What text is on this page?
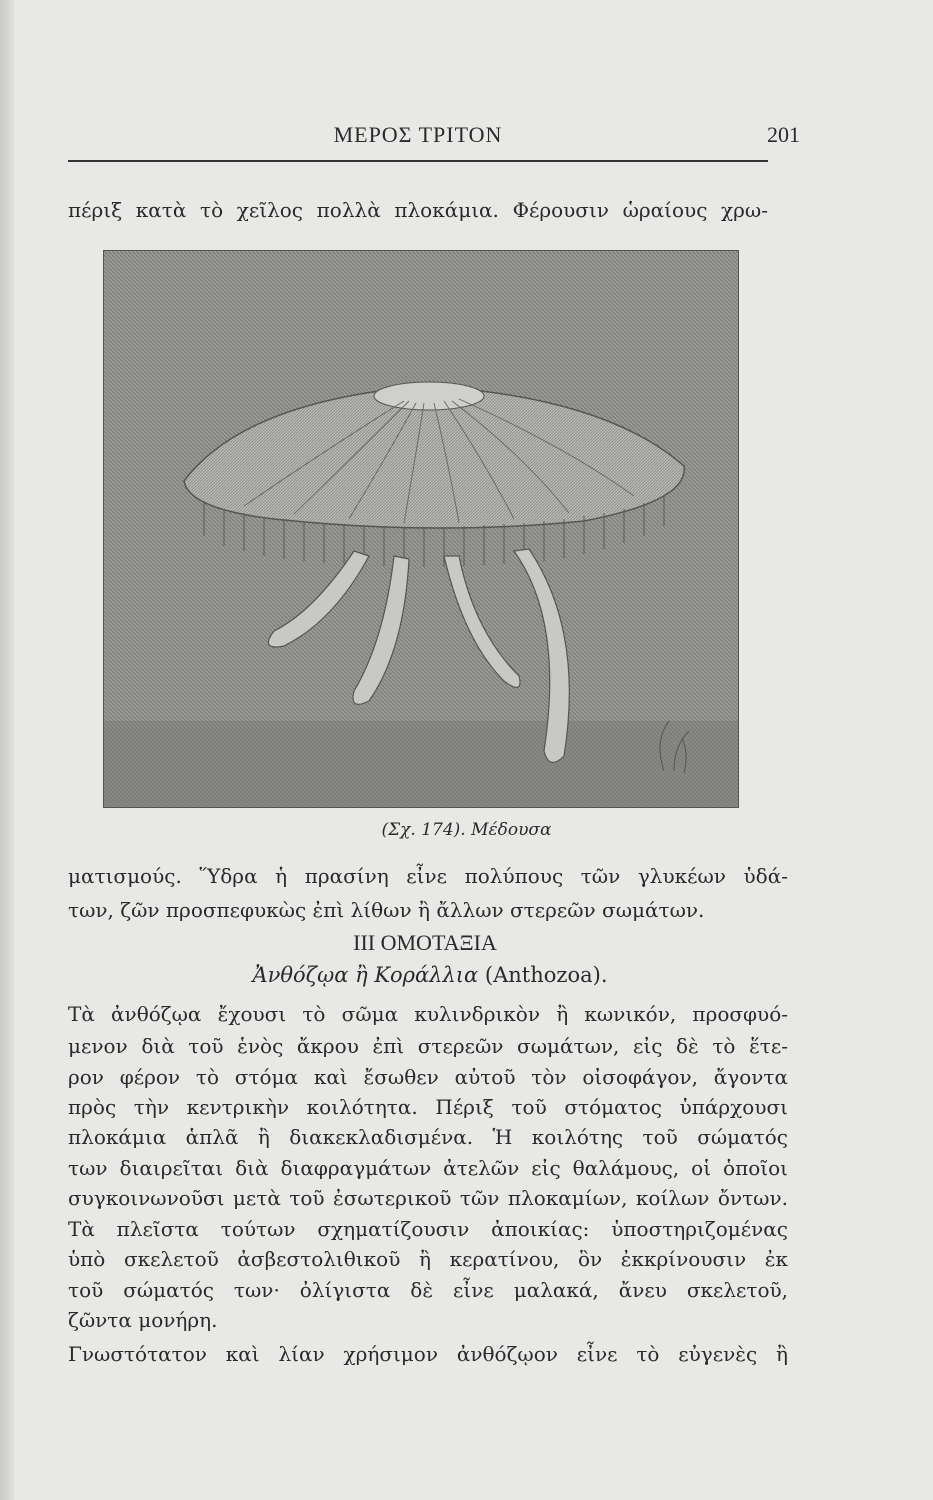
ΜΕΡΟΣ ΤΡΙΤΟΝ	201
πέριξ κατὰ τὸ χεῖλος πολλὰ πλοκάμια. Φέρουσιν ὡραίους χρω-
(Σχ. 174). Μέδουσα
ματισμούς. Ὕδρα ἡ πρασίνη εἶνε πολύπους τῶν γλυκέων ὑδά-
των, ζῶν προσπεφυκὼς ἐπὶ λίθων ἢ ἄλλων στερεῶν σωμάτων.
III ΟΜΟΤΑΞΙΑ
Ἀνθόζῳα ἢ Κοράλλια (Anthozoa).
Τὰ ἀνθόζῳα ἔχουσι τὸ σῶμα κυλινδρικὸν ἢ κωνικόν, προσφυό-
μενον διὰ τοῦ ἑνὸς ἄκρου ἐπὶ στερεῶν σωμάτων, εἰς δὲ τὸ ἕτε-
ρον φέρον τὸ στόμα καὶ ἔσωθεν αὐτοῦ τὸν οἰσοφάγον, ἄγοντα
πρὸς τὴν κεντρικὴν κοιλότητα. Πέριξ τοῦ στόματος ὑπάρχουσι
πλοκάμια ἁπλᾶ ἢ διακεκλαδισμένα. Ἡ κοιλότης τοῦ σώματός
των διαιρεῖται διὰ διαφραγμάτων ἀτελῶν εἰς θαλάμους, οἱ ὁποῖοι
συγκοινωνοῦσι μετὰ τοῦ ἐσωτερικοῦ τῶν πλοκαμίων, κοίλων ὄντων.
Τὰ πλεῖστα τούτων σχηματίζουσιν ἀποικίας: ὑποστηριζομένας
ὑπὸ σκελετοῦ ἀσβεστολιθικοῦ ἢ κερατίνου, ὃν ἐκκρίνουσιν ἐκ
τοῦ σώματός των· ὀλίγιστα δὲ εἶνε μαλακά, ἄνευ σκελετοῦ,
ζῶντα μονήρη.
Γνωστότατον καὶ λίαν χρήσιμον ἀνθόζῳον εἶνε τὸ εὐγενὲς ἢ
